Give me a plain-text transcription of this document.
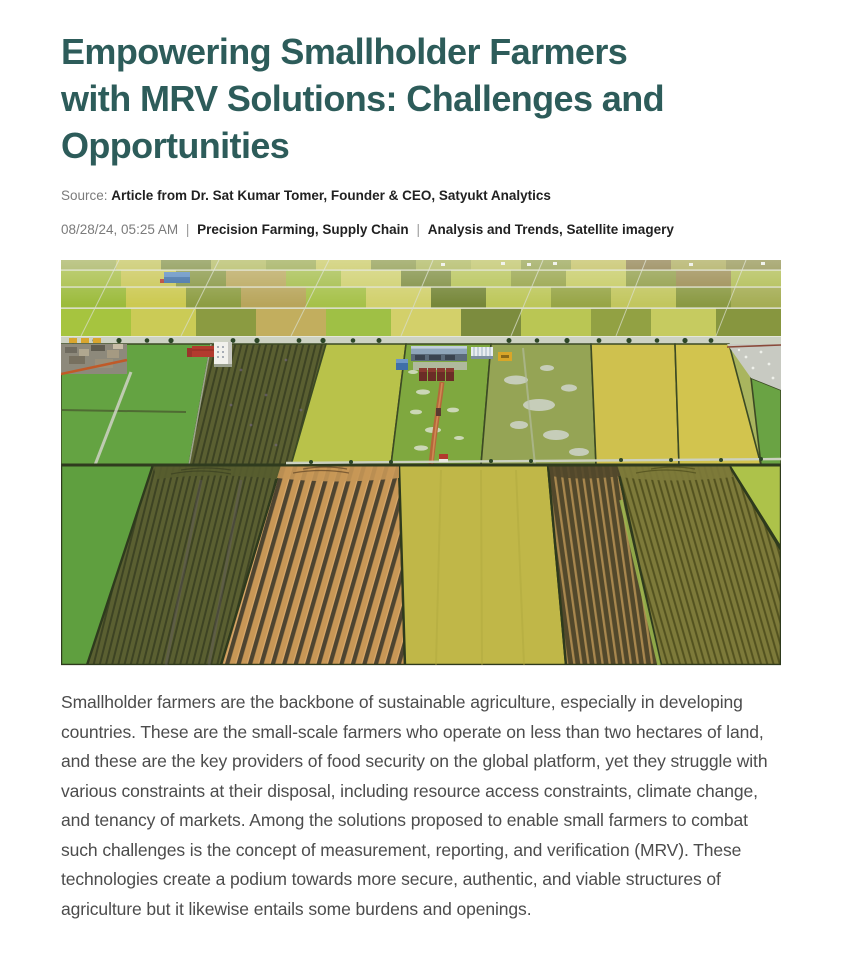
Empowering Smallholder Farmers
with MRV Solutions: Challenges and
Opportunities
Source: Article from Dr. Sat Kumar Tomer, Founder & CEO, Satyukt Analytics
08/28/24, 05:25 AM | Precision Farming, Supply Chain | Analysis and Trends, Satellite imagery

Smallholder farmers are the backbone of sustainable agriculture, especially in developing countries. These are the small-scale farmers who operate on less than two hectares of land, and these are the key providers of food security on the global platform, yet they struggle with various constraints at their disposal, including resource access constraints, climate change, and tenancy of markets. Among the solutions proposed to enable small farmers to combat such challenges is the concept of measurement, reporting, and verification (MRV). These technologies create a podium towards more secure, authentic, and viable structures of agriculture but it likewise entails some burdens and openings.
